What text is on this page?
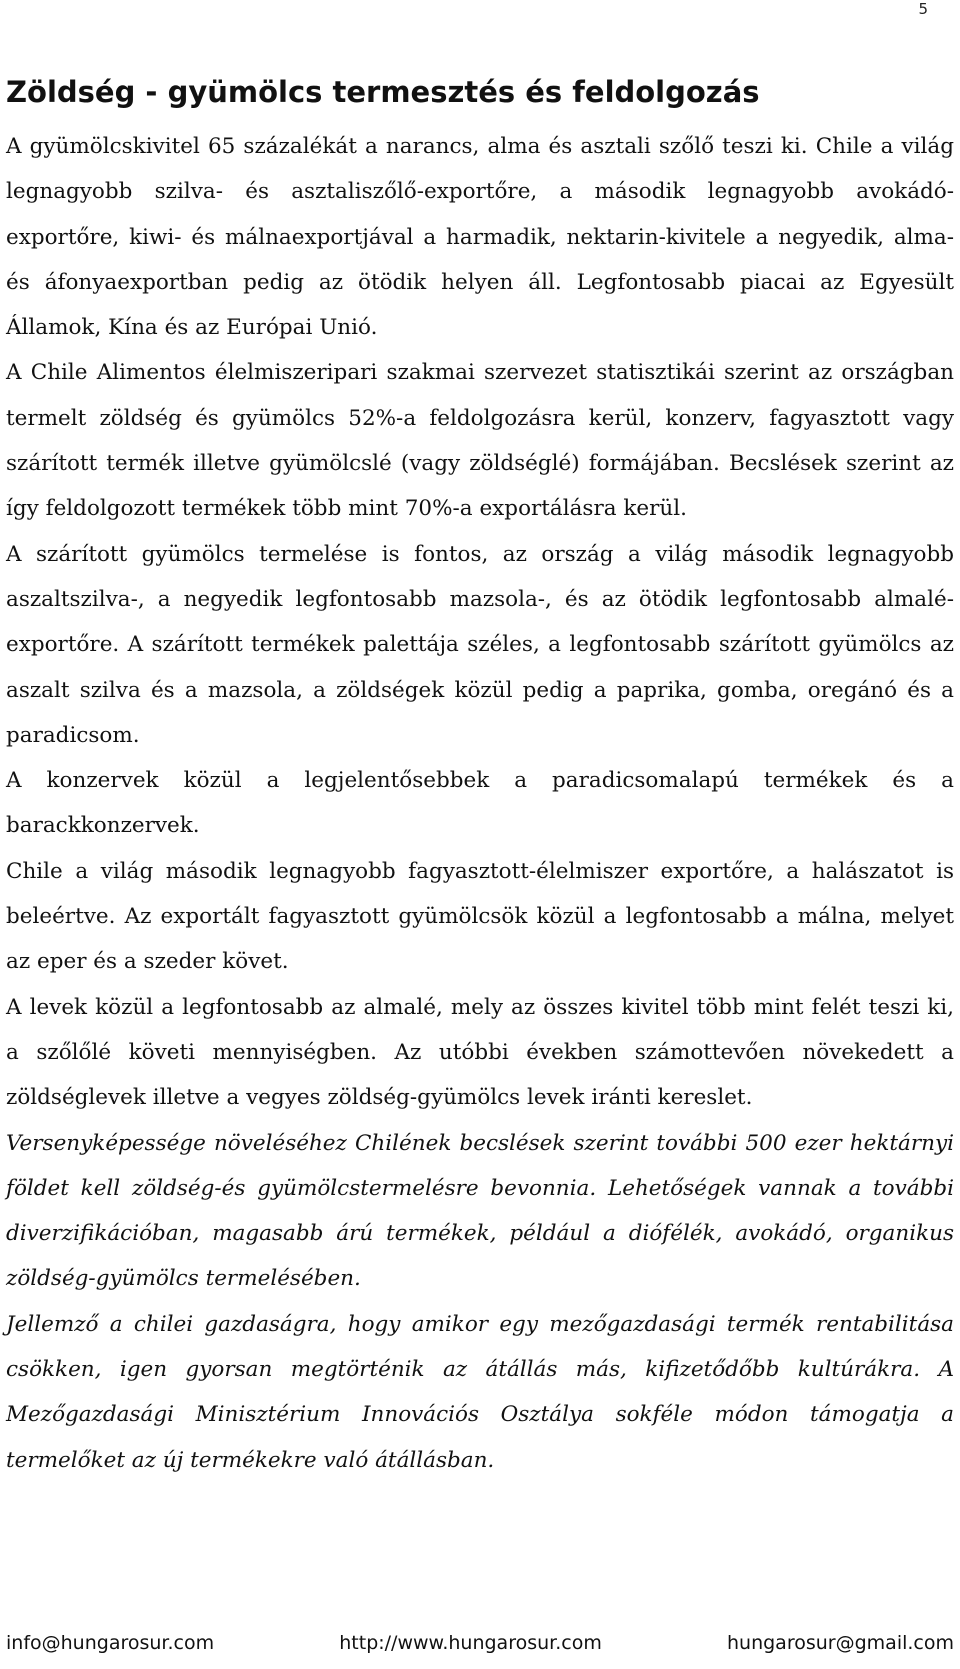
5
Zöldség - gyümölcs termesztés és feldolgozás

A gyümölcskivitel 65 százalékát a narancs, alma és asztali szőlő teszi ki. Chile a világ legnagyobb szilva- és asztaliszőlő-exportőre, a második legnagyobb avokádó-exportőre, kiwi- és málnaexportjával a harmadik, nektarin-kivitele a negyedik, alma- és áfonyaexportban pedig az ötödik helyen áll. Legfontosabb piacai az Egyesült Államok, Kína és az Európai Unió.

A Chile Alimentos élelmiszeripari szakmai szervezet statisztikái szerint az országban termelt zöldség és gyümölcs 52%-a feldolgozásra kerül, konzerv, fagyasztott vagy szárított termék illetve gyümölcslé (vagy zöldséglé) formájában. Becslések szerint az így feldolgozott termékek több mint 70%-a exportálásra kerül.

A szárított gyümölcs termelése is fontos, az ország a világ második legnagyobb aszaltszilva-, a negyedik legfontosabb mazsola-, és az ötödik legfontosabb almalé-exportőre. A szárított termékek palettája széles, a legfontosabb szárított gyümölcs az aszalt szilva és a mazsola, a zöldségek közül pedig a paprika, gomba, oregánó és a paradicsom.

A konzervek közül a legjelentősebbek a paradicsomalapú termékek és a barackkonzervek.

Chile a világ második legnagyobb fagyasztott-élelmiszer exportőre, a halászatot is beleértve. Az exportált fagyasztott gyümölcsök közül a legfontosabb a málna, melyet az eper és a szeder követ.

A levek közül a legfontosabb az almalé, mely az összes kivitel több mint felét teszi ki, a szőlőlé követi mennyiségben. Az utóbbi években számottevően növekedett a zöldséglevek illetve a vegyes zöldség-gyümölcs levek iránti kereslet.

Versenyképessége növeléséhez Chilének becslések szerint további 500 ezer hektárnyi földet kell zöldség-és gyümölcstermelésre bevonnia. Lehetőségek vannak a további diverzifikációban, magasabb árú termékek, például a diófélék, avokádó, organikus zöldség-gyümölcs termelésében.

Jellemző a chilei gazdaságra, hogy amikor egy mezőgazdasági termék rentabilitása csökken, igen gyorsan megtörténik az átállás más, kifizetődőbb kultúrákra. A Mezőgazdasági Minisztérium Innovációs Osztálya sokféle módon támogatja a termelőket az új termékekre való átállásban.

info@hungarosur.com	http://www.hungarosur.com	hungarosur@gmail.com
